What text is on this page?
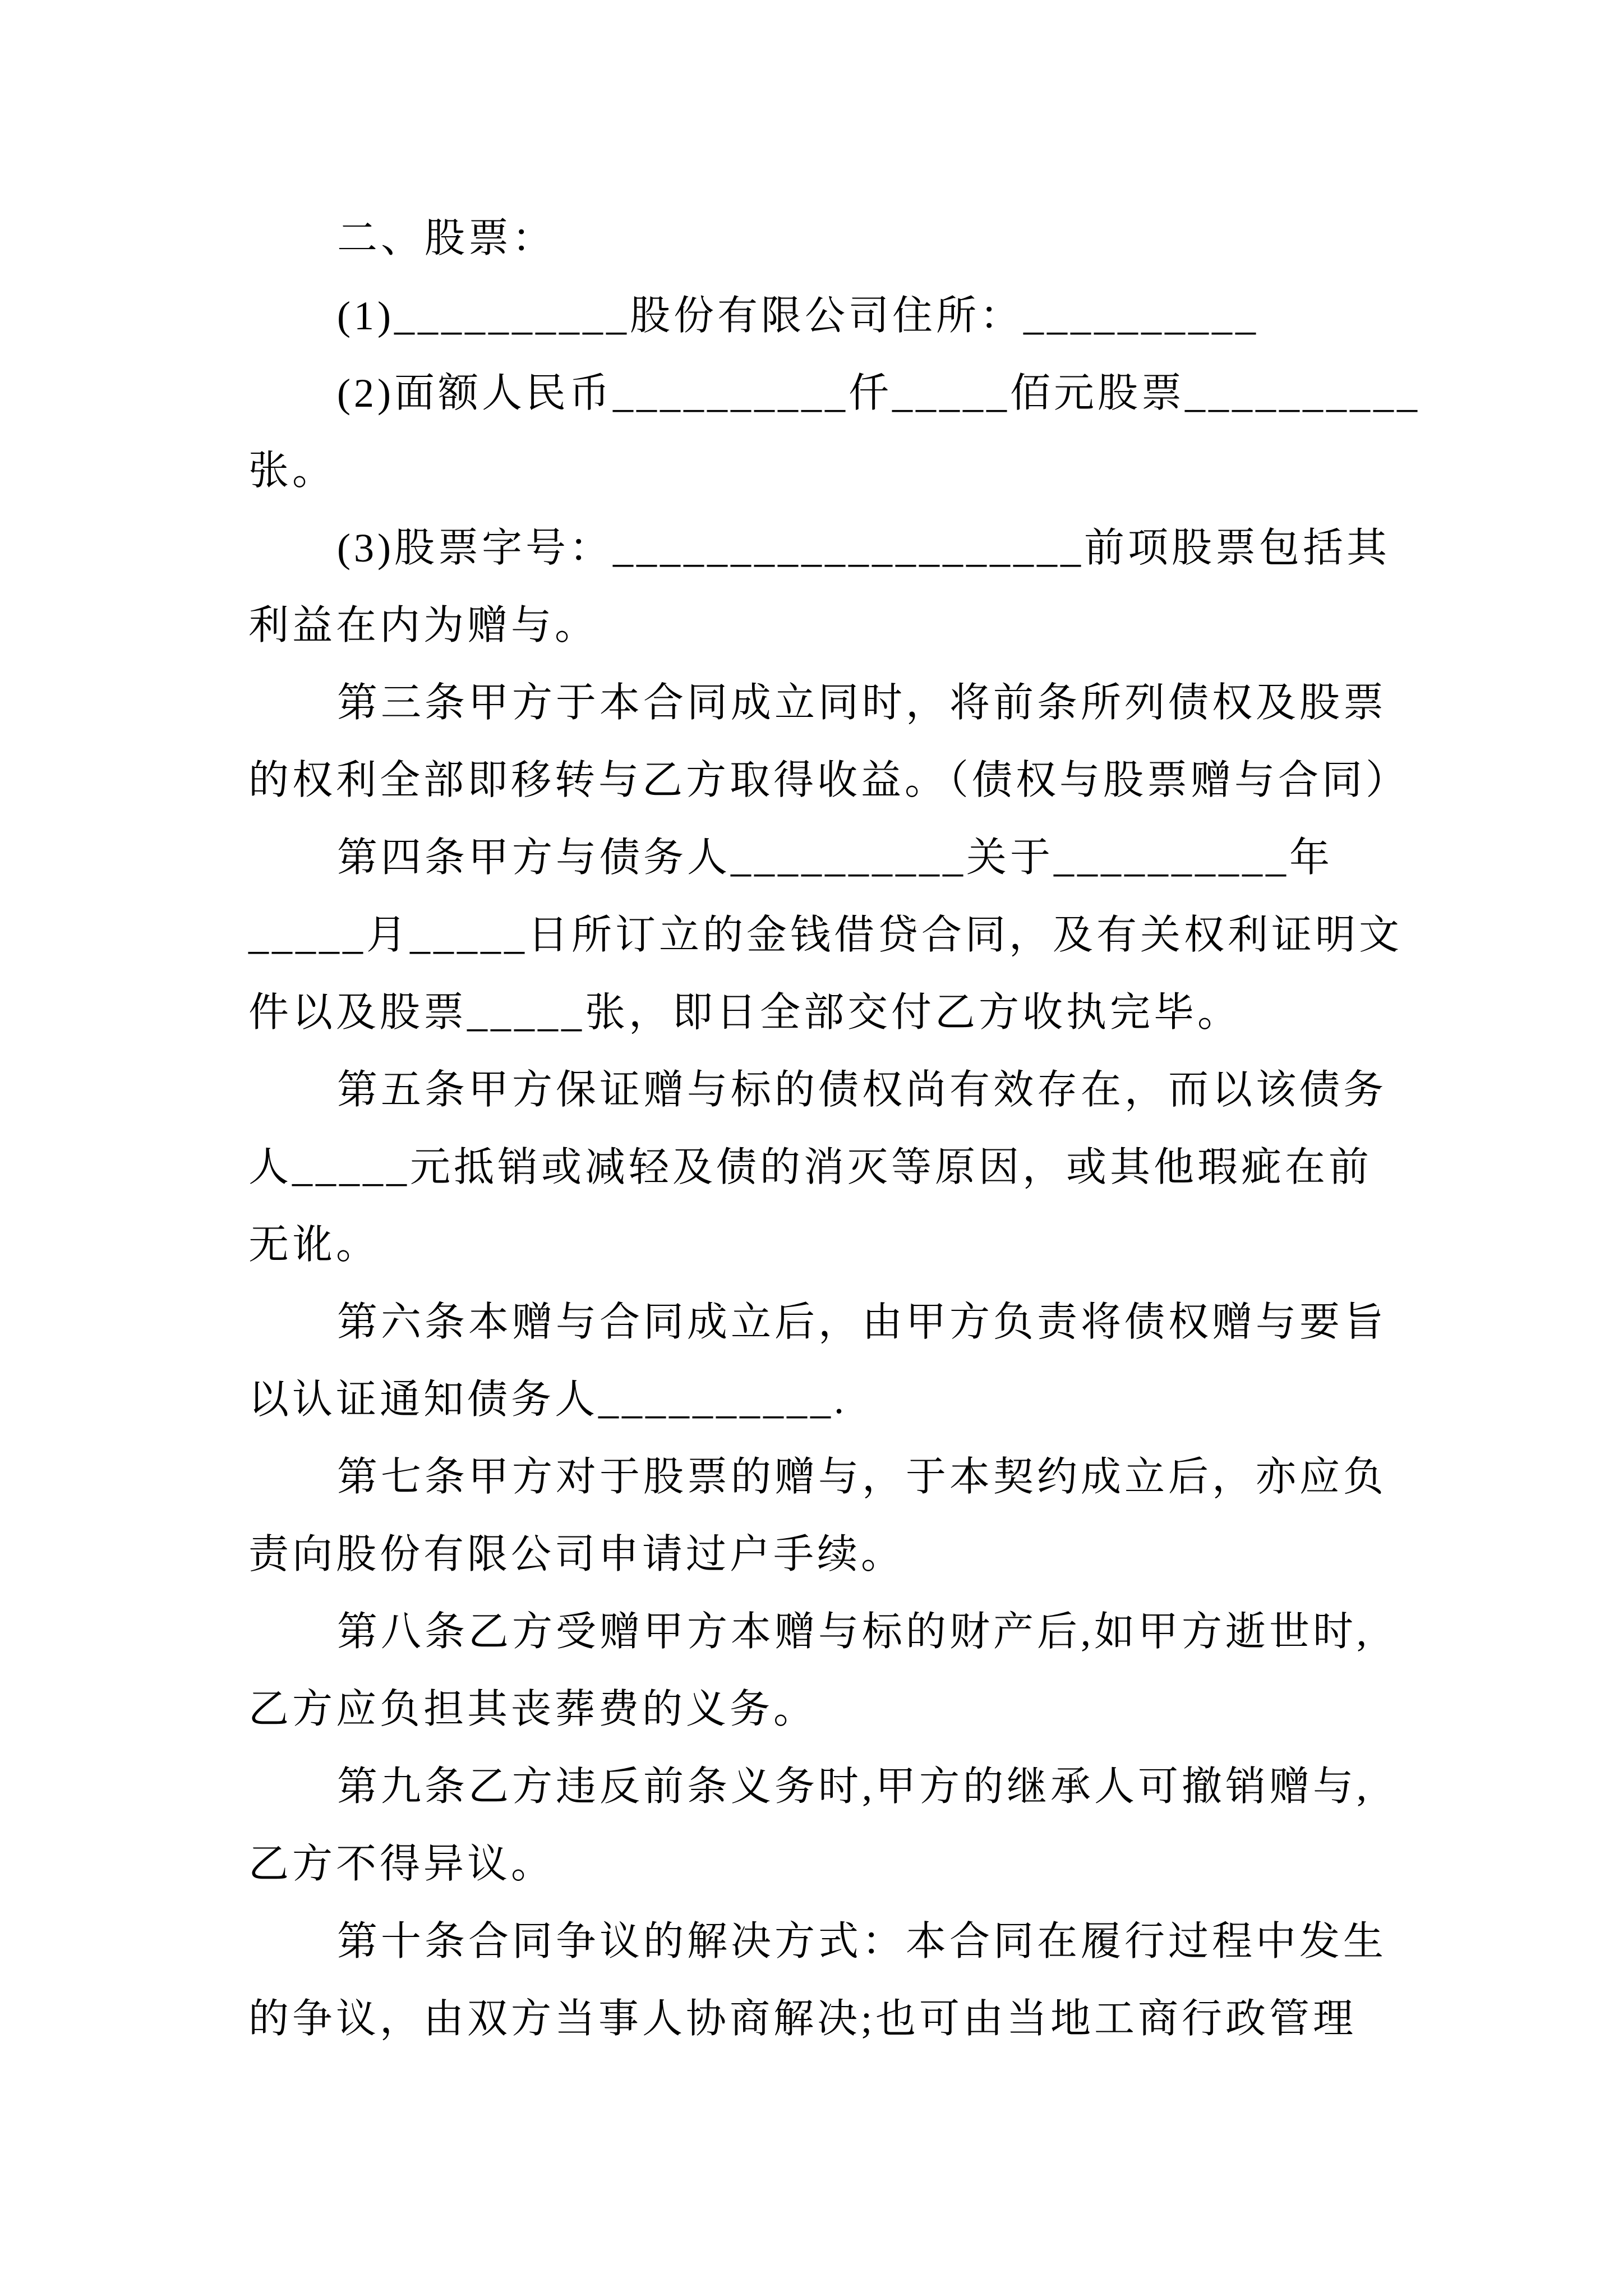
二、股票：
(1)__________股份有限公司住所：__________
(2)面额人民币__________仟_____佰元股票__________
张。
(3)股票字号：____________________前项股票包括其
利益在内为赠与。
第三条甲方于本合同成立同时，将前条所列债权及股票
的权利全部即移转与乙方取得收益。（债权与股票赠与合同）
第四条甲方与债务人__________关于__________年
_____月_____日所订立的金钱借贷合同，及有关权利证明文
件以及股票_____张，即日全部交付乙方收执完毕。
第五条甲方保证赠与标的债权尚有效存在，而以该债务
人_____元抵销或减轻及债的消灭等原因，或其他瑕疵在前
无讹。
第六条本赠与合同成立后，由甲方负责将债权赠与要旨
以认证通知债务人__________.
第七条甲方对于股票的赠与，于本契约成立后，亦应负
责向股份有限公司申请过户手续。
第八条乙方受赠甲方本赠与标的财产后,如甲方逝世时,
乙方应负担其丧葬费的义务。
第九条乙方违反前条义务时,甲方的继承人可撤销赠与,
乙方不得异议。
第十条合同争议的解决方式：本合同在履行过程中发生
的争议，由双方当事人协商解决;也可由当地工商行政管理
